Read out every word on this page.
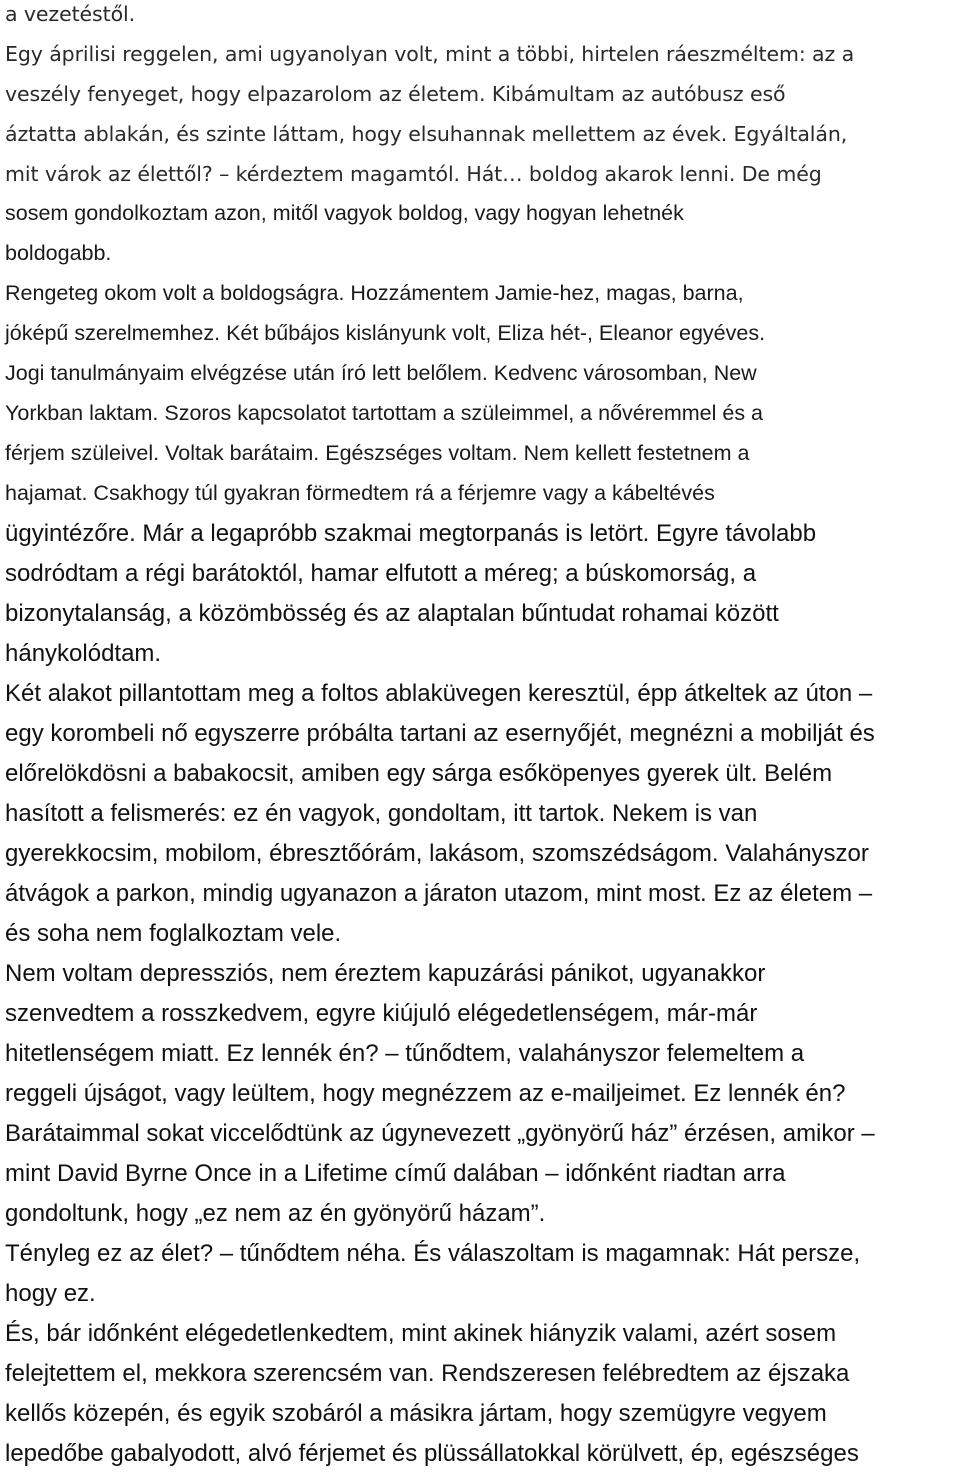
a vezetéstől.
Egy áprilisi reggelen, ami ugyanolyan volt, mint a többi, hirtelen ráeszméltem: az a
veszély fenyeget, hogy elpazarolom az életem. Kibámultam az autóbusz eső
áztatta ablakán, és szinte láttam, hogy elsuhannak mellettem az évek. Egyáltalán,
mit várok az élettől? – kérdeztem magamtól. Hát… boldog akarok lenni. De még
sosem gondolkoztam azon, mitől vagyok boldog, vagy hogyan lehetnék
boldogabb.
Rengeteg okom volt a boldogságra. Hozzámentem Jamie-hez, magas, barna,
jóképű szerelmemhez. Két bűbájos kislányunk volt, Eliza hét-, Eleanor egyéves.
Jogi tanulmányaim elvégzése után író lett belőlem. Kedvenc városomban, New
Yorkban laktam. Szoros kapcsolatot tartottam a szüleimmel, a nővéremmel és a
férjem szüleivel. Voltak barátaim. Egészséges voltam. Nem kellett festetnem a
hajamat. Csakhogy túl gyakran förmedtem rá a férjemre vagy a kábeltévés
ügyintézőre. Már a legapróbb szakmai megtorpanás is letört. Egyre távolabb
sodródtam a régi barátoktól, hamar elfutott a méreg; a búskomorság, a
bizonytalanság, a közömbösség és az alaptalan bűntudat rohamai között
hánykolódtam.
Két alakot pillantottam meg a foltos ablaküvegen keresztül, épp átkeltek az úton –
egy korombeli nő egyszerre próbálta tartani az esernyőjét, megnézni a mobilját és
előrelökdösni a babakocsit, amiben egy sárga esőköpenyes gyerek ült. Belém
hasított a felismerés: ez én vagyok, gondoltam, itt tartok. Nekem is van
gyerekkocsim, mobilom, ébresztőórám, lakásom, szomszédságom. Valahányszor
átvágok a parkon, mindig ugyanazon a járaton utazom, mint most. Ez az életem –
és soha nem foglalkoztam vele.
Nem voltam depressziós, nem éreztem kapuzárási pánikot, ugyanakkor
szenvedtem a rosszkedvem, egyre kiújuló elégedetlenségem, már-már
hitetlenségem miatt. Ez lennék én? – tűnődtem, valahányszor felemeltem a
reggeli újságot, vagy leültem, hogy megnézzem az e-mailjeimet. Ez lennék én?
Barátaimmal sokat viccelődtünk az úgynevezett „gyönyörű ház” érzésen, amikor –
mint David Byrne Once in a Lifetime című dalában – időnként riadtan arra
gondoltunk, hogy „ez nem az én gyönyörű házam”.
Tényleg ez az élet? – tűnődtem néha. És válaszoltam is magamnak: Hát persze,
hogy ez.
És, bár időnként elégedetlenkedtem, mint akinek hiányzik valami, azért sosem
felejtettem el, mekkora szerencsém van. Rendszeresen felébredtem az éjszaka
kellős közepén, és egyik szobáról a másikra jártam, hogy szemügyre vegyem
lepedőbe gabalyodott, alvó férjemet és plüssállatokkal körülvett, ép, egészséges
